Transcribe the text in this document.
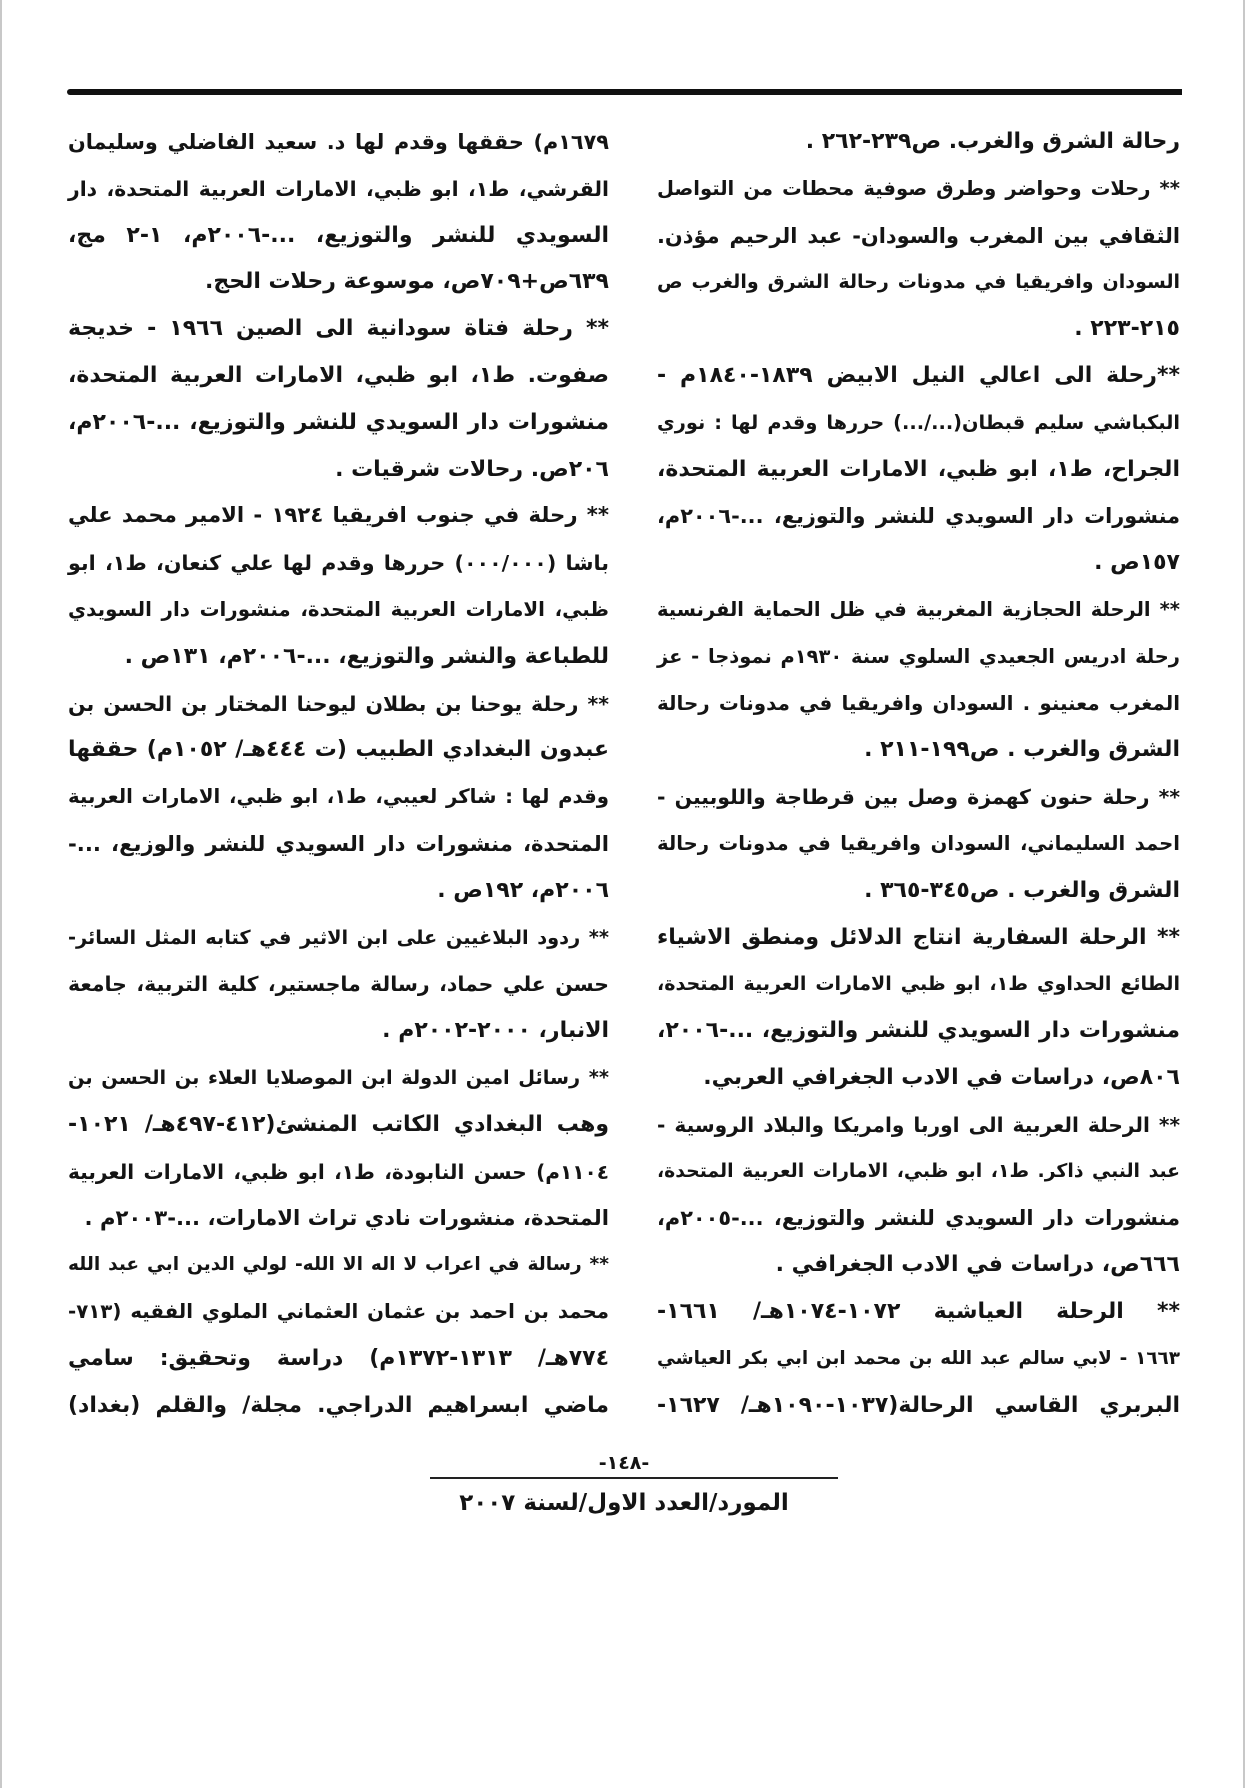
رحالة الشرق والغرب. ص٢٣٩-٢٦٢ .
** رحلات وحواضر وطرق صوفية محطات من التواصل
الثقافي بين المغرب والسودان- عبد الرحيم مؤذن.
السودان وافريقيا في مدونات رحالة الشرق والغرب ص
٢١٥-٢٢٣ .
**رحلة الى اعالي النيل الابيض ١٨٣٩-١٨٤٠م -
البكباشي سليم قبطان(.../...) حررها وقدم لها : نوري
الجراح، ط١، ابو ظبي، الامارات العربية المتحدة،
منشورات دار السويدي للنشر والتوزيع، ...-٢٠٠٦م،
١٥٧ص .
** الرحلة الحجازية المغربية في ظل الحماية الفرنسية
رحلة ادريس الجعيدي السلوي سنة ١٩٣٠م نموذجا - عز
المغرب معنينو . السودان وافريقيا في مدونات رحالة
الشرق والغرب . ص١٩٩-٢١١ .
** رحلة حنون كهمزة وصل بين قرطاجة واللوبيين -
احمد السليماني، السودان وافريقيا في مدونات رحالة
الشرق والغرب . ص٣٤٥-٣٦٥ .
** الرحلة السفارية انتاج الدلائل ومنطق الاشياء
الطائع الحداوي ط١، ابو ظبي الامارات العربية المتحدة،
منشورات دار السويدي للنشر والتوزيع، ...-٢٠٠٦،
٨٠٦ص، دراسات في الادب الجغرافي العربي.
** الرحلة العربية الى اوربا وامريكا والبلاد الروسية -
عبد النبي ذاكر. ط١، ابو ظبي، الامارات العربية المتحدة،
منشورات دار السويدي للنشر والتوزيع، ...-٢٠٠٥م،
٦٦٦ص، دراسات في الادب الجغرافي .
** الرحلة العياشية ١٠٧٢-١٠٧٤هـ/ ١٦٦١-
١٦٦٣ - لابي سالم عبد الله بن محمد ابن ابي بكر العياشي
البربري القاسي الرحالة(١٠٣٧-١٠٩٠هـ/ ١٦٢٧-
١٦٧٩م) حققها وقدم لها د. سعيد الفاضلي وسليمان
القرشي، ط١، ابو ظبي، الامارات العربية المتحدة، دار
السويدي للنشر والتوزيع، ...-٢٠٠٦م، ١-٢ مج،
٦٣٩ص+٧٠٩ص، موسوعة رحلات الحج.
** رحلة فتاة سودانية الى الصين ١٩٦٦ - خديجة
صفوت. ط١، ابو ظبي، الامارات العربية المتحدة،
منشورات دار السويدي للنشر والتوزيع، ...-٢٠٠٦م،
٢٠٦ص. رحالات شرقيات .
** رحلة في جنوب افريقيا ١٩٢٤ - الامير محمد علي
باشا (٠٠٠/٠٠٠) حررها وقدم لها علي كنعان، ط١، ابو
ظبي، الامارات العربية المتحدة، منشورات دار السويدي
للطباعة والنشر والتوزيع، ...-٢٠٠٦م، ١٣١ص .
** رحلة يوحنا بن بطلان ليوحنا المختار بن الحسن بن
عبدون البغدادي الطبيب (ت ٤٤٤هـ/ ١٠٥٢م) حققها
وقدم لها : شاكر لعيبي، ط١، ابو ظبي، الامارات العربية
المتحدة، منشورات دار السويدي للنشر والوزيع، ...-
٢٠٠٦م، ١٩٢ص .
** ردود البلاغيين على ابن الاثير في كتابه المثل السائر-
حسن علي حماد، رسالة ماجستير، كلية التربية، جامعة
الانبار، ٢٠٠٠-٢٠٠٢م .
** رسائل امين الدولة ابن الموصلايا العلاء بن الحسن بن
وهب البغدادي الكاتب المنشئ(٤١٢-٤٩٧هـ/ ١٠٢١-
١١٠٤م) حسن النابودة، ط١، ابو ظبي، الامارات العربية
المتحدة، منشورات نادي تراث الامارات، ...-٢٠٠٣م .
** رسالة في اعراب لا اله الا الله- لولي الدين ابي عبد الله
محمد بن احمد بن عثمان العثماني الملوي الفقيه (٧١٣-
٧٧٤هـ/ ١٣١٣-١٣٧٢م) دراسة وتحقيق: سامي
ماضي ابسراهيم الدراجي. مجلة/ والقلم (بغداد)
-١٤٨-
المورد/العدد الاول/لسنة ٢٠٠٧
